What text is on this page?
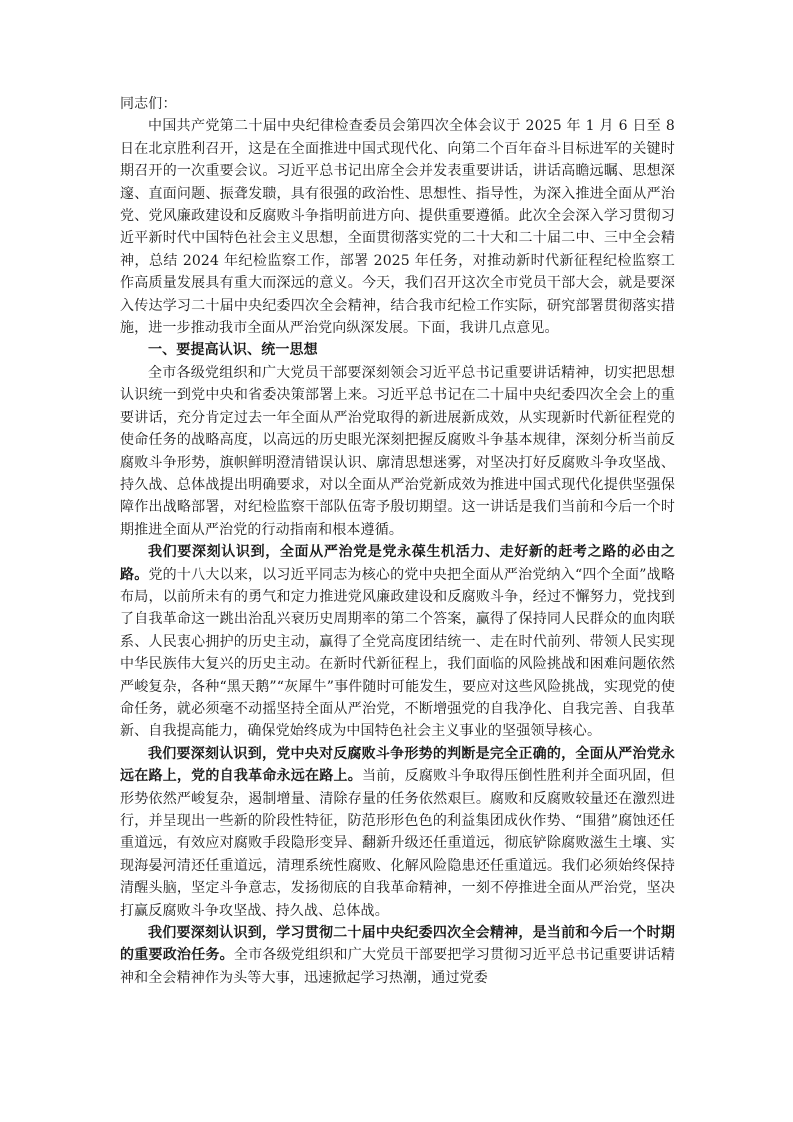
同志们：

中国共产党第二十届中央纪律检查委员会第四次全体会议于 2025 年 1 月 6 日至 8 日在北京胜利召开，这是在全面推进中国式现代化、向第二个百年奋斗目标进军的关键时期召开的一次重要会议。习近平总书记出席全会并发表重要讲话，讲话高瞻远瞩、思想深邃、直面问题、振聋发聩，具有很强的政治性、思想性、指导性，为深入推进全面从严治党、党风廉政建设和反腐败斗争指明前进方向、提供重要遵循。此次全会深入学习贯彻习近平新时代中国特色社会主义思想，全面贯彻落实党的二十大和二十届二中、三中全会精神，总结 2024 年纪检监察工作，部署 2025 年任务，对推动新时代新征程纪检监察工作高质量发展具有重大而深远的意义。今天，我们召开这次全市党员干部大会，就是要深入传达学习二十届中央纪委四次全会精神，结合我市纪检工作实际，研究部署贯彻落实措施，进一步推动我市全面从严治党向纵深发展。下面，我讲几点意见。

一、要提高认识、统一思想

全市各级党组织和广大党员干部要深刻领会习近平总书记重要讲话精神，切实把思想认识统一到党中央和省委决策部署上来。习近平总书记在二十届中央纪委四次全会上的重要讲话，充分肯定过去一年全面从严治党取得的新进展新成效，从实现新时代新征程党的使命任务的战略高度，以高远的历史眼光深刻把握反腐败斗争基本规律，深刻分析当前反腐败斗争形势，旗帜鲜明澄清错误认识、廓清思想迷雾，对坚决打好反腐败斗争攻坚战、持久战、总体战提出明确要求，对以全面从严治党新成效为推进中国式现代化提供坚强保障作出战略部署，对纪检监察干部队伍寄予殷切期望。这一讲话是我们当前和今后一个时期推进全面从严治党的行动指南和根本遵循。

我们要深刻认识到，全面从严治党是党永葆生机活力、走好新的赶考之路的必由之路。党的十八大以来，以习近平同志为核心的党中央把全面从严治党纳入“四个全面”战略布局，以前所未有的勇气和定力推进党风廉政建设和反腐败斗争，经过不懈努力，党找到了自我革命这一跳出治乱兴衰历史周期率的第二个答案，赢得了保持同人民群众的血肉联系、人民衷心拥护的历史主动，赢得了全党高度团结统一、走在时代前列、带领人民实现中华民族伟大复兴的历史主动。在新时代新征程上，我们面临的风险挑战和困难问题依然严峻复杂，各种“黑天鹅”“灰犀牛”事件随时可能发生，要应对这些风险挑战，实现党的使命任务，就必须毫不动摇坚持全面从严治党，不断增强党的自我净化、自我完善、自我革新、自我提高能力，确保党始终成为中国特色社会主义事业的坚强领导核心。

我们要深刻认识到，党中央对反腐败斗争形势的判断是完全正确的，全面从严治党永远在路上，党的自我革命永远在路上。当前，反腐败斗争取得压倒性胜利并全面巩固，但形势依然严峻复杂，遏制增量、清除存量的任务依然艰巨。腐败和反腐败较量还在激烈进行，并呈现出一些新的阶段性特征，防范形形色色的利益集团成伙作势、“围猎”腐蚀还任重道远，有效应对腐败手段隐形变异、翻新升级还任重道远，彻底铲除腐败滋生土壤、实现海晏河清还任重道远，清理系统性腐败、化解风险隐患还任重道远。我们必须始终保持清醒头脑，坚定斗争意志，发扬彻底的自我革命精神，一刻不停推进全面从严治党，坚决打赢反腐败斗争攻坚战、持久战、总体战。

我们要深刻认识到，学习贯彻二十届中央纪委四次全会精神，是当前和今后一个时期的重要政治任务。全市各级党组织和广大党员干部要把学习贯彻习近平总书记重要讲话精神和全会精神作为头等大事，迅速掀起学习热潮，通过党委
